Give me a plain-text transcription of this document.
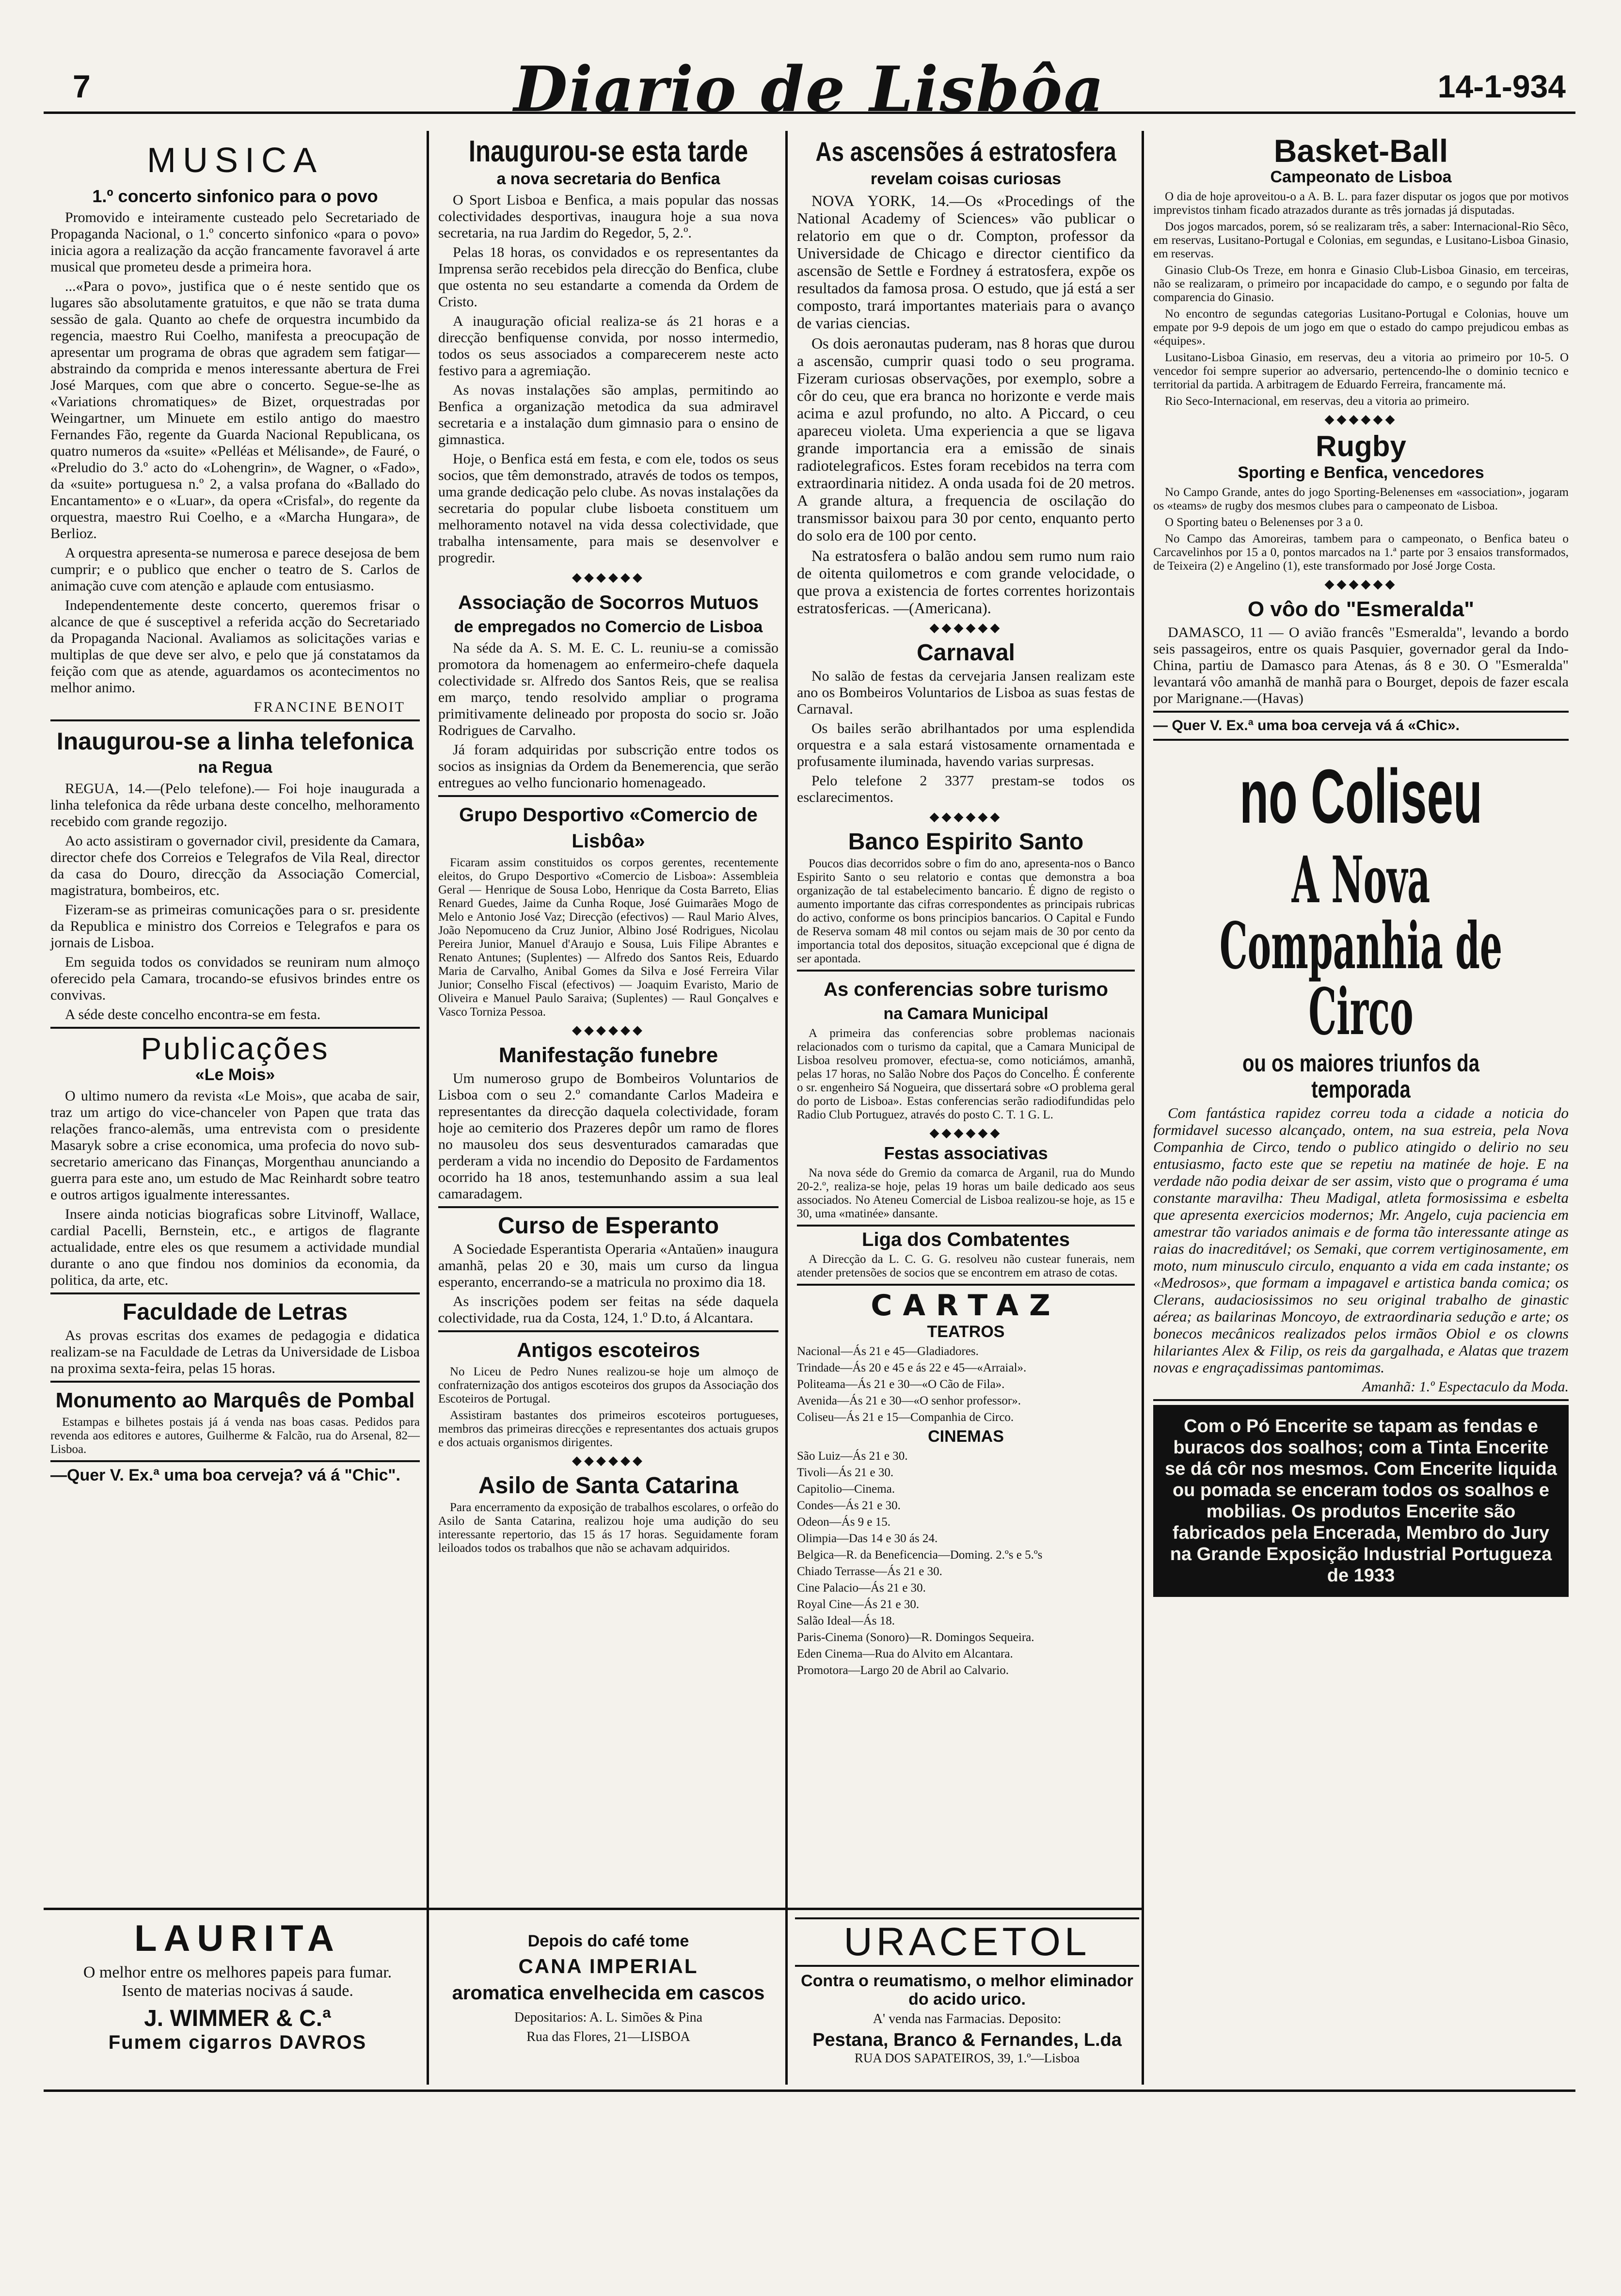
7	Diario de Lisbôa	14-1-934
MUSICA
1.º concerto sinfonico para o povo

Promovido e inteiramente custeado pelo Secretariado de Propaganda Nacional, o 1.º concerto sinfonico «para o povo» inicia agora a realização da acção francamente favoravel á arte musical que prometeu desde a primeira hora.

...«Para o povo», justifica que o é neste sentido que os lugares são absolutamente gratuitos, e que não se trata duma sessão de gala. Quanto ao chefe de orquestra incumbido da regencia, maestro Rui Coelho, manifesta a preocupação de apresentar um programa de obras que agradem sem fatigar—abstraindo da comprida e menos interessante abertura de Frei José Marques, com que abre o concerto. Segue-se-lhe as «Variations chromatiques» de Bizet, orquestradas por Weingartner, um Minuete em estilo antigo do maestro Fernandes Fão, regente da Guarda Nacional Republicana, os quatro numeros da «suite» «Pelléas et Mélisande», de Fauré, o «Preludio do 3.º acto do «Lohengrin», de Wagner, o «Fado», da «suite» portuguesa n.º 2, a valsa profana do «Ballado do Encantamento» e o «Luar», da opera «Crisfal», do regente da orquestra, maestro Rui Coelho, e a «Marcha Hungara», de Berlioz.

A orquestra apresenta-se numerosa e parece desejosa de bem cumprir; e o publico que encher o teatro de S. Carlos de animação cuve com atenção e aplaude com entusiasmo.

Independentemente deste concerto, queremos frisar o alcance de que é susceptivel a referida acção do Secretariado da Propaganda Nacional. Avaliamos as solicitações varias e multiplas de que deve ser alvo, e pelo que já constatamos da feição com que as atende, aguardamos os acontecimentos no melhor animo.

FRANCINE BENOIT
Inaugurou-se a linha telefonica
na Regua

REGUA, 14.—(Pelo telefone).— Foi hoje inaugurada a linha telefonica da rêde urbana deste concelho, melhoramento recebido com grande regozijo.

Ao acto assistiram o governador civil, presidente da Camara, director chefe dos Correios e Telegrafos de Vila Real, director da casa do Douro, direcção da Associação Comercial, magistratura, bombeiros, etc.

Fizeram-se as primeiras comunicações para o sr. presidente da Republica e ministro dos Correios e Telegrafos e para os jornais de Lisboa.

Em seguida todos os convidados se reuniram num almoço oferecido pela Camara, trocando-se efusivos brindes entre os convivas.

A séde deste concelho encontra-se em festa.

Publicações
«Le Mois»

O ultimo numero da revista «Le Mois», que acaba de sair, traz um artigo do vice-chanceler von Papen que trata das relações franco-alemãs, uma entrevista com o presidente Masaryk sobre a crise economica, uma profecia do novo sub-secretario americano das Finanças, Morgenthau anunciando a guerra para este ano, um estudo de Mac Reinhardt sobre teatro e outros artigos igualmente interessantes.

Insere ainda noticias biograficas sobre Litvinoff, Wallace, cardial Pacelli, Bernstein, etc., e artigos de flagrante actualidade, entre eles os que resumem a actividade mundial durante o ano que findou nos dominios da economia, da politica, da arte, etc.

Faculdade de Letras

As provas escritas dos exames de pedagogia e didatica realizam-se na Faculdade de Letras da Universidade de Lisboa na proxima sexta-feira, pelas 15 horas.

Monumento ao Marquês de Pombal

Estampas e bilhetes postais já á venda nas boas casas. Pedidos para revenda aos editores e autores, Guilherme & Falcão, rua do Arsenal, 82—Lisboa.

—Quer V. Ex.ª uma boa cerveja? vá á "Chic".
Inaugurou-se esta tarde
a nova secretaria do Benfica

O Sport Lisboa e Benfica, a mais popular das nossas colectividades desportivas, inaugura hoje a sua nova secretaria, na rua Jardim do Regedor, 5, 2.º.

Pelas 18 horas, os convidados e os representantes da Imprensa serão recebidos pela direcção do Benfica, clube que ostenta no seu estandarte a comenda da Ordem de Cristo.

A inauguração oficial realiza-se ás 21 horas e a direcção benfiquense convida, por nosso intermedio, todos os seus associados a comparecerem neste acto festivo para a agremiação.

As novas instalações são amplas, permitindo ao Benfica a organização metodica da sua admiravel secretaria e a instalação dum gimnasio para o ensino de gimnastica.

Hoje, o Benfica está em festa, e com ele, todos os seus socios, que têm demonstrado, através de todos os tempos, uma grande dedicação pelo clube. As novas instalações da secretaria do popular clube lisboeta constituem um melhoramento notavel na vida dessa colectividade, que trabalha intensamente, para mais se desenvolver e progredir.

◆◆◆◆◆◆
Associação de Socorros Mutuos
de empregados no Comercio de Lisboa

Na séde da A. S. M. E. C. L. reuniu-se a comissão promotora da homenagem ao enfermeiro-chefe daquela colectividade sr. Alfredo dos Santos Reis, que se realisa em março, tendo resolvido ampliar o programa primitivamente delineado por proposta do socio sr. João Rodrigues de Carvalho.

Já foram adquiridas por subscrição entre todos os socios as insignias da Ordem da Benemerencia, que serão entregues ao velho funcionario homenageado.

Grupo Desportivo «Comercio de Lisbôa»

Ficaram assim constituidos os corpos gerentes, recentemente eleitos, do Grupo Desportivo «Comercio de Lisboa»: Assembleia Geral — Henrique de Sousa Lobo, Henrique da Costa Barreto, Elias Renard Guedes, Jaime da Cunha Roque, José Guimarães Mogo de Melo e Antonio José Vaz; Direcção (efectivos) — Raul Mario Alves, João Nepomuceno da Cruz Junior, Albino José Rodrigues, Nicolau Pereira Junior, Manuel d'Araujo e Sousa, Luis Filipe Abrantes e Renato Antunes; (Suplentes) — Alfredo dos Santos Reis, Eduardo Maria de Carvalho, Anibal Gomes da Silva e José Ferreira Vilar Junior; Conselho Fiscal (efectivos) — Joaquim Evaristo, Mario de Oliveira e Manuel Paulo Saraiva; (Suplentes) — Raul Gonçalves e Vasco Torniza Pessoa.

◆◆◆◆◆◆
Manifestação funebre

Um numeroso grupo de Bombeiros Voluntarios de Lisboa com o seu 2.º comandante Carlos Madeira e representantes da direcção daquela colectividade, foram hoje ao cemiterio dos Prazeres depôr um ramo de flores no mausoleu dos seus desventurados camaradas que perderam a vida no incendio do Deposito de Fardamentos ocorrido ha 18 anos, testemunhando assim a sua leal camaradagem.

Curso de Esperanto

A Sociedade Esperantista Operaria «Antaŭen» inaugura amanhã, pelas 20 e 30, mais um curso da lingua esperanto, encerrando-se a matricula no proximo dia 18.

As inscrições podem ser feitas na séde daquela colectividade, rua da Costa, 124, 1.º D.to, á Alcantara.

Antigos escoteiros

No Liceu de Pedro Nunes realizou-se hoje um almoço de confraternização dos antigos escoteiros dos grupos da Associação dos Escoteiros de Portugal.

Assistiram bastantes dos primeiros escoteiros portugueses, membros das primeiras direcções e representantes dos actuais grupos e dos actuais organismos dirigentes.

◆◆◆◆◆◆
Asilo de Santa Catarina

Para encerramento da exposição de trabalhos escolares, o orfeão do Asilo de Santa Catarina, realizou hoje uma audição do seu interessante repertorio, das 15 ás 17 horas. Seguidamente foram leiloados todos os trabalhos que não se achavam adquiridos.

As ascensões á estratosfera
revelam coisas curiosas

NOVA YORK, 14.—Os «Procedings of the National Academy of Sciences» vão publicar o relatorio em que o dr. Compton, professor da Universidade de Chicago e director cientifico da ascensão de Settle e Fordney á estratosfera, expõe os resultados da famosa prosa. O estudo, que já está a ser composto, trará importantes materiais para o avanço de varias ciencias.

Os dois aeronautas puderam, nas 8 horas que durou a ascensão, cumprir quasi todo o seu programa. Fizeram curiosas observações, por exemplo, sobre a côr do ceu, que era branca no horizonte e verde mais acima e azul profundo, no alto. A Piccard, o ceu apareceu violeta. Uma experiencia a que se ligava grande importancia era a emissão de sinais radiotelegraficos. Estes foram recebidos na terra com extraordinaria nitidez. A onda usada foi de 20 metros. A grande altura, a frequencia de oscilação do transmissor baixou para 30 por cento, enquanto perto do solo era de 100 por cento.

Na estratosfera o balão andou sem rumo num raio de oitenta quilometros e com grande velocidade, o que prova a existencia de fortes correntes horizontais estratosfericas. —(Americana).

◆◆◆◆◆◆
Carnaval

No salão de festas da cervejaria Jansen realizam este ano os Bombeiros Voluntarios de Lisboa as suas festas de Carnaval.

Os bailes serão abrilhantados por uma esplendida orquestra e a sala estará vistosamente ornamentada e profusamente iluminada, havendo varias surpresas.

Pelo telefone 2 3377 prestam-se todos os esclarecimentos.

◆◆◆◆◆◆
Banco Espirito Santo

Poucos dias decorridos sobre o fim do ano, apresenta-nos o Banco Espirito Santo o seu relatorio e contas que demonstra a boa organização de tal estabelecimento bancario. É digno de registo o aumento importante das cifras correspondentes as principais rubricas do activo, conforme os bons principios bancarios. O Capital e Fundo de Reserva somam 48 mil contos ou sejam mais de 30 por cento da importancia total dos depositos, situação excepcional que é digna de ser apontada.

As conferencias sobre turismo
na Camara Municipal

A primeira das conferencias sobre problemas nacionais relacionados com o turismo da capital, que a Camara Municipal de Lisboa resolveu promover, efectua-se, como noticiámos, amanhã, pelas 17 horas, no Salão Nobre dos Paços do Concelho. É conferente o sr. engenheiro Sá Nogueira, que dissertará sobre «O problema geral do porto de Lisboa». Estas conferencias serão radiodifundidas pelo Radio Club Portuguez, através do posto C. T. 1 G. L.

◆◆◆◆◆◆
Festas associativas

Na nova séde do Gremio da comarca de Arganil, rua do Mundo 20-2.º, realiza-se hoje, pelas 19 horas um baile dedicado aos seus associados. No Ateneu Comercial de Lisboa realizou-se hoje, as 15 e 30, uma «matinée» dansante.

Liga dos Combatentes

A Direcção da L. C. G. G. resolveu não custear funerais, nem atender pretensões de socios que se encontrem em atraso de cotas.

CARTAZ
TEATROS

Nacional—Ás 21 e 45—Gladiadores.

Trindade—Ás 20 e 45 e ás 22 e 45—«Arraial».

Politeama—Ás 21 e 30—«O Cão de Fila».

Avenida—Ás 21 e 30—«O senhor professor».

Coliseu—Ás 21 e 15—Companhia de Circo.

CINEMAS

São Luiz—Ás 21 e 30.

Tivoli—Ás 21 e 30.

Capitolio—Cinema.

Condes—Ás 21 e 30.

Odeon—Ás 9 e 15.

Olimpia—Das 14 e 30 ás 24.

Belgica—R. da Beneficencia—Doming. 2.ºs e 5.ºs

Chiado Terrasse—Ás 21 e 30.

Cine Palacio—Ás 21 e 30.

Royal Cine—Ás 21 e 30.

Salão Ideal—Ás 18.

Paris-Cinema (Sonoro)—R. Domingos Sequeira.

Eden Cinema—Rua do Alvito em Alcantara.

Promotora—Largo 20 de Abril ao Calvario.

Basket-Ball
Campeonato de Lisboa

O dia de hoje aproveitou-o a A. B. L. para fazer disputar os jogos que por motivos imprevistos tinham ficado atrazados durante as três jornadas já disputadas.

Dos jogos marcados, porem, só se realizaram três, a saber: Internacional-Rio Sêco, em reservas, Lusitano-Portugal e Colonias, em segundas, e Lusitano-Lisboa Ginasio, em reservas.

Ginasio Club-Os Treze, em honra e Ginasio Club-Lisboa Ginasio, em terceiras, não se realizaram, o primeiro por incapacidade do campo, e o segundo por falta de comparencia do Ginasio.

No encontro de segundas categorias Lusitano-Portugal e Colonias, houve um empate por 9-9 depois de um jogo em que o estado do campo prejudicou embas as «équipes».

Lusitano-Lisboa Ginasio, em reservas, deu a vitoria ao primeiro por 10-5. O vencedor foi sempre superior ao adversario, pertencendo-lhe o dominio tecnico e territorial da partida. A arbitragem de Eduardo Ferreira, francamente má.

Rio Seco-Internacional, em reservas, deu a vitoria ao primeiro.

◆◆◆◆◆◆
Rugby
Sporting e Benfica, vencedores

No Campo Grande, antes do jogo Sporting-Belenenses em «association», jogaram os «teams» de rugby dos mesmos clubes para o campeonato de Lisboa.

O Sporting bateu o Belenenses por 3 a 0.

No Campo das Amoreiras, tambem para o campeonato, o Benfica bateu o Carcavelinhos por 15 a 0, pontos marcados na 1.ª parte por 3 ensaios transformados, de Teixeira (2) e Angelino (1), este transformado por José Jorge Costa.

◆◆◆◆◆◆
O vôo do "Esmeralda"

DAMASCO, 11 — O avião francês "Esmeralda", levando a bordo seis passageiros, entre os quais Pasquier, governador geral da Indo-China, partiu de Damasco para Atenas, ás 8 e 30. O "Esmeralda" levantará vôo amanhã de manhã para o Bourget, depois de fazer escala por Marignane.—(Havas)

— Quer V. Ex.ª uma boa cerveja vá á «Chic».
no Coliseu
A Nova Companhia de Circo
ou os maiores triunfos da temporada

Com fantástica rapidez correu toda a cidade a noticia do formidavel sucesso alcançado, ontem, na sua estreia, pela Nova Companhia de Circo, tendo o publico atingido o delirio no seu entusiasmo, facto este que se repetiu na matinée de hoje. E na verdade não podia deixar de ser assim, visto que o programa é uma constante maravilha: Theu Madigal, atleta formosissima e esbelta que apresenta exercicios modernos; Mr. Angelo, cuja paciencia em amestrar tão variados animais e de forma tão interessante atinge as raias do inacreditável; os Semaki, que correm vertiginosamente, em moto, num minusculo circulo, enquanto a vida em cada instante; os «Medrosos», que formam a impagavel e artistica banda comica; os Clerans, audaciosissimos no seu original trabalho de ginastic aérea; as bailarinas Moncoyo, de extraordinaria sedução e arte; os bonecos mecânicos realizados pelos irmãos Obiol e os clowns hilariantes Alex & Filip, os reis da gargalhada, e Alatas que trazem novas e engraçadissimas pantomimas.

Amanhã: 1.º Espectaculo da Moda.

Com o Pó Encerite se tapam as fendas e buracos dos soalhos; com a Tinta Encerite se dá côr nos mesmos. Com Encerite liquida ou pomada se enceram todos os soalhos e mobilias. Os produtos Encerite são fabricados pela Encerada, Membro do Jury na Grande Exposição Industrial Portugueza de 1933
LAURITA
O melhor entre os melhores papeis para fumar. Isento de materias nocivas á saude.
J. WIMMER & C.ª
Fumem cigarros DAVROS
Depois do café tome
CANA IMPERIAL
aromatica envelhecida em cascos
Depositarios: A. L. Simões & Pina
Rua das Flores, 21—LISBOA
URACETOL
Contra o reumatismo, o melhor eliminador do acido urico.
A' venda nas Farmacias. Deposito:
Pestana, Branco & Fernandes, L.da
RUA DOS SAPATEIROS, 39, 1.º—Lisboa
